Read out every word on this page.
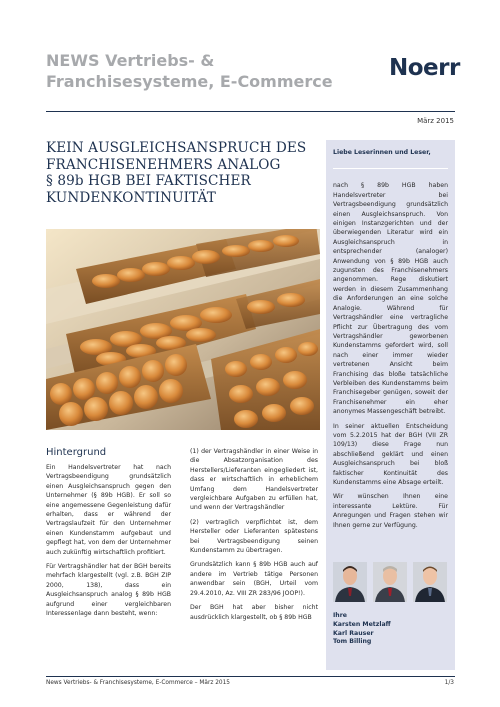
NEWS Vertriebs- &
Franchisesysteme, E-Commerce
Noerr
März 2015
KEIN AUSGLEICHSANSPRUCH DES
FRANCHISENEHMERS ANALOG
§ 89b HGB BEI FAKTISCHER
KUNDENKONTINUITÄT
Hintergrund

Ein Handelsvertreter hat nach Vertragsbeendigung grundsätzlich einen Ausgleichsanspruch gegen den Unternehmer (§ 89b HGB). Er soll so eine angemessene Gegenleistung dafür erhalten, dass er während der Vertragslaufzeit für den Unternehmer einen Kundenstamm aufgebaut und gepflegt hat, von dem der Unternehmer auch zukünftig wirtschaftlich profitiert.

Für Vertragshändler hat der BGH bereits mehrfach klargestellt (vgl. z.B. BGH ZIP 2000, 138), dass ein Ausgleichsanspruch analog § 89b HGB aufgrund einer vergleichbaren Interessenlage dann besteht, wenn:

(1) der Vertragshändler in einer Weise in die Absatzorganisation des Herstellers/Lieferanten eingegliedert ist, dass er wirtschaftlich in erheblichem Umfang dem Handelsvertreter vergleichbare Aufgaben zu erfüllen hat, und wenn der Vertragshändler

(2) vertraglich verpflichtet ist, dem Hersteller oder Lieferanten spätestens bei Vertragsbeendigung seinen Kundenstamm zu übertragen.

Grundsätzlich kann § 89b HGB auch auf andere im Vertrieb tätige Personen anwendbar sein (BGH, Urteil vom 29.4.2010, Az. VIII ZR 283/96 JOOP!).

Der BGH hat aber bisher nicht ausdrücklich klargestellt, ob § 89b HGB

Liebe Leserinnen und Leser,

nach § 89b HGB haben Handelsvertreter bei Vertragsbeendigung grundsätzlich einen Ausgleichsanspruch. Von einigen Instanzgerichten und der überwiegenden Literatur wird ein Ausgleichsanspruch in entsprechender (analoger) Anwendung von § 89b HGB auch zugunsten des Franchisenehmers angenommen. Rege diskutiert werden in diesem Zusammenhang die Anforderungen an eine solche Analogie. Während für Vertragshändler eine vertragliche Pflicht zur Übertragung des vom Vertragshändler geworbenen Kundenstamms gefordert wird, soll nach einer immer wieder vertretenen Ansicht beim Franchising das bloße tatsächliche Verbleiben des Kundenstamms beim Franchisegeber genügen, soweit der Franchisenehmer ein eher anonymes Massengeschäft betreibt.

In seiner aktuellen Entscheidung vom 5.2.2015 hat der BGH (VII ZR 109/13) diese Frage nun abschließend geklärt und einen Ausgleichsanspruch bei bloß faktischer Kontinuität des Kundenstamms eine Absage erteilt.

Wir wünschen Ihnen eine interessante Lektüre. Für Anregungen und Fragen stehen wir Ihnen gerne zur Verfügung.

Ihre
Karsten Metzlaff
Karl Rauser
Tom Billing
News Vertriebs- & Franchisesysteme, E-Commerce – März 2015	1/3
